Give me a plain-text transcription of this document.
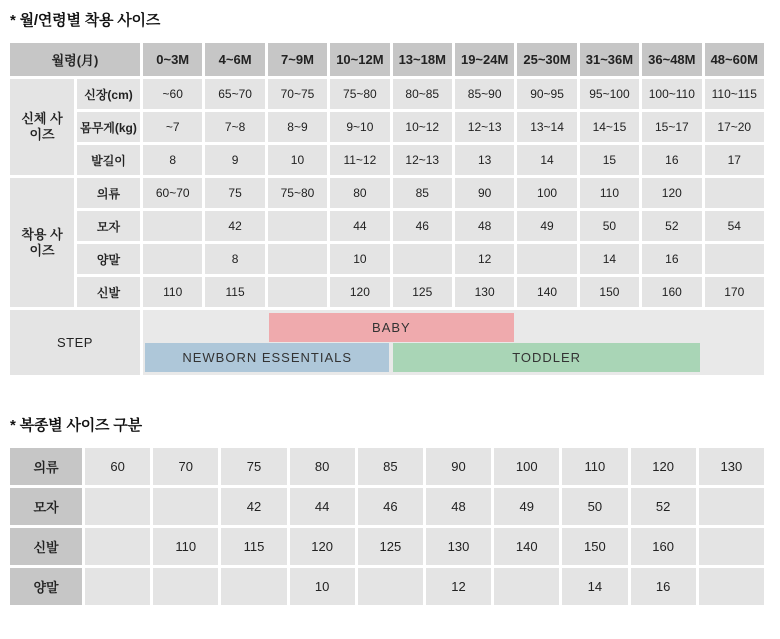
* 월/연령별 착용 사이즈
월령(月)		0~3M	4~6M	7~9M	10~12M	13~18M	19~24M	25~30M	31~36M	36~48M	48~60M
신체 사이즈	신장(cm)	~60	65~70	70~75	75~80	80~85	85~90	90~95	95~100	100~110	110~115
	몸무게(kg)	~7	7~8	8~9	9~10	10~12	12~13	13~14	14~15	15~17	17~20
	발길이	8	9	10	11~12	12~13	13	14	15	16	17
착용 사이즈	의류	60~70	75	75~80	80	85	90	100	110	120	
	모자		42		44	46	48	49	50	52	54
	양말		8		10		12		14	16	
	신발	110	115		120	125	130	140	150	160	170
STEP		BABY
NEWBORN ESSENTIALS TODDLER									
* 복종별 사이즈 구분
의류	60	70	75	80	85	90	100	110	120	130
모자			42	44	46	48	49	50	52	
신발		110	115	120	125	130	140	150	160	
양말				10		12		14	16	
